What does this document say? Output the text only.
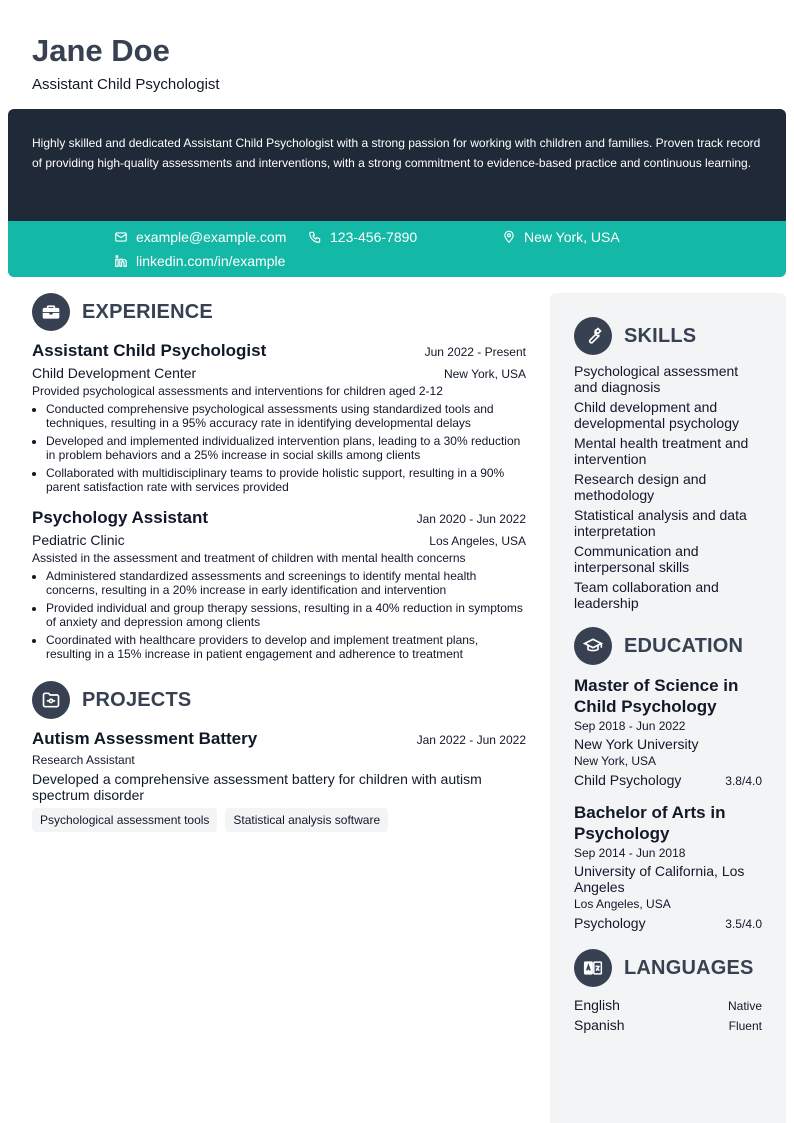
Jane Doe
Assistant Child Psychologist
Highly skilled and dedicated Assistant Child Psychologist with a strong passion for working with children and families. Proven track record of providing high-quality assessments and interventions, with a strong commitment to evidence-based practice and continuous learning.
example@example.com	123-456-7890	New York, USA
linkedin.com/in/example
EXPERIENCE
Assistant Child Psychologist	Jun 2022 - Present
Child Development Center	New York, USA
Provided psychological assessments and interventions for children aged 2-12
• Conducted comprehensive psychological assessments using standardized tools and techniques, resulting in a 95% accuracy rate in identifying developmental delays
• Developed and implemented individualized intervention plans, leading to a 30% reduction in problem behaviors and a 25% increase in social skills among clients
• Collaborated with multidisciplinary teams to provide holistic support, resulting in a 90% parent satisfaction rate with services provided
Psychology Assistant	Jan 2020 - Jun 2022
Pediatric Clinic	Los Angeles, USA
Assisted in the assessment and treatment of children with mental health concerns
• Administered standardized assessments and screenings to identify mental health concerns, resulting in a 20% increase in early identification and intervention
• Provided individual and group therapy sessions, resulting in a 40% reduction in symptoms of anxiety and depression among clients
• Coordinated with healthcare providers to develop and implement treatment plans, resulting in a 15% increase in patient engagement and adherence to treatment
PROJECTS
Autism Assessment Battery	Jan 2022 - Jun 2022
Research Assistant
Developed a comprehensive assessment battery for children with autism spectrum disorder
Psychological assessment tools	Statistical analysis software
SKILLS
Psychological assessment and diagnosis
Child development and developmental psychology
Mental health treatment and intervention
Research design and methodology
Statistical analysis and data interpretation
Communication and interpersonal skills
Team collaboration and leadership
EDUCATION
Master of Science in Child Psychology
Sep 2018 - Jun 2022
New York University
New York, USA
Child Psychology	3.8/4.0
Bachelor of Arts in Psychology
Sep 2014 - Jun 2018
University of California, Los Angeles
Los Angeles, USA
Psychology	3.5/4.0
LANGUAGES
English	Native
Spanish	Fluent
